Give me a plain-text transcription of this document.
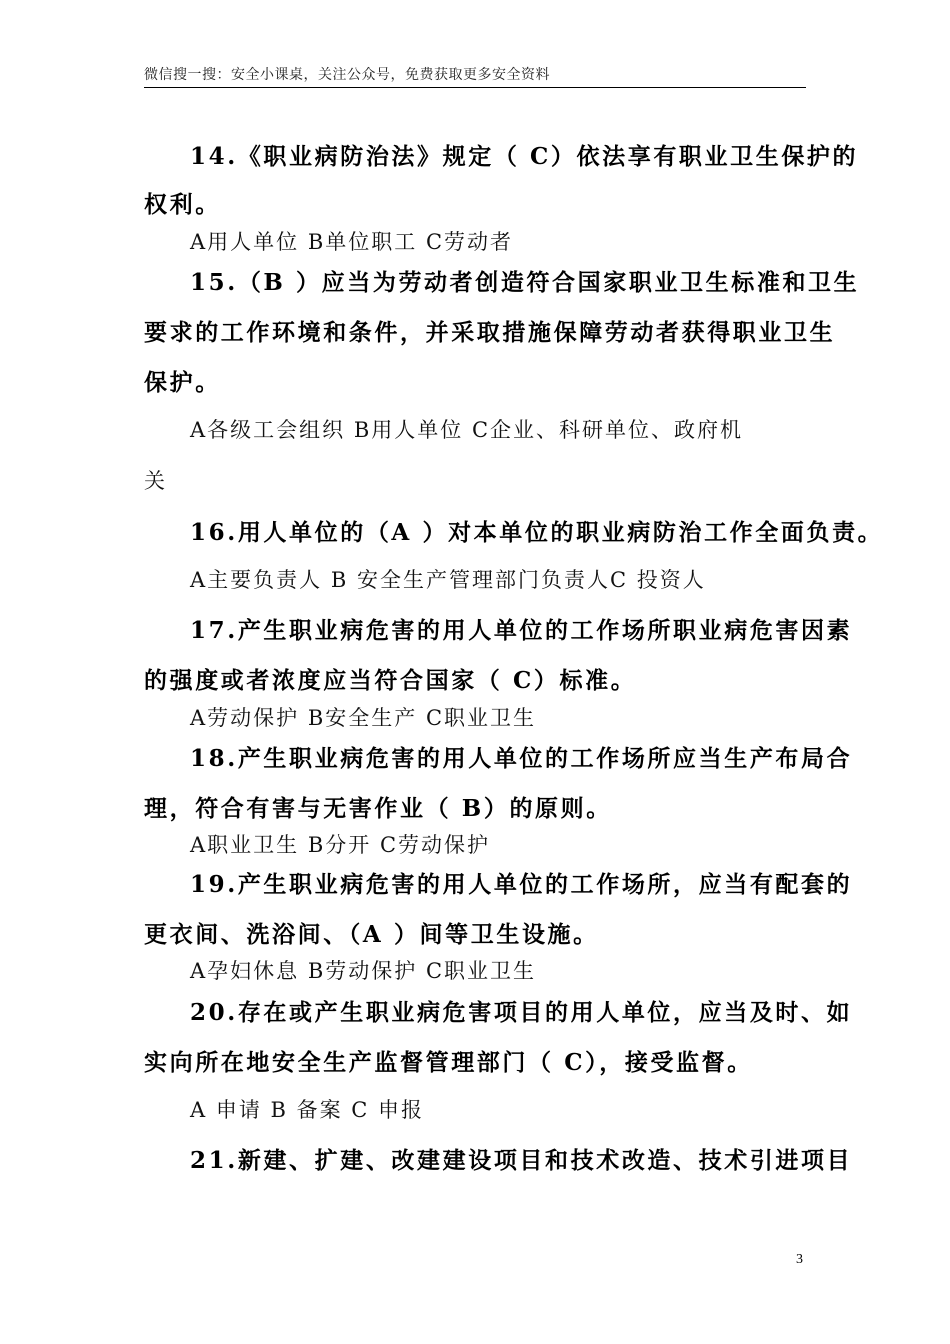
微信搜一搜：安全小课桌，关注公众号，免费获取更多安全资料
14.《职业病防治法》规定（ C）依法享有职业卫生保护的
权利。
A用人单位 B单位职工 C劳动者
15.（B ）应当为劳动者创造符合国家职业卫生标准和卫生
要求的工作环境和条件，并采取措施保障劳动者获得职业卫生
保护。
A各级工会组织 B用人单位 C企业、科研单位、政府机
关
16.用人单位的（A ）对本单位的职业病防治工作全面负责。
A主要负责人 B 安全生产管理部门负责人C 投资人
17.产生职业病危害的用人单位的工作场所职业病危害因素
的强度或者浓度应当符合国家（ C）标准。
A劳动保护 B安全生产 C职业卫生
18.产生职业病危害的用人单位的工作场所应当生产布局合
理，符合有害与无害作业（ B）的原则。
A职业卫生 B分开 C劳动保护
19.产生职业病危害的用人单位的工作场所，应当有配套的
更衣间、洗浴间、（A ）间等卫生设施。
A孕妇休息 B劳动保护 C职业卫生
20.存在或产生职业病危害项目的用人单位，应当及时、如
实向所在地安全生产监督管理部门（ C），接受监督。
A 申请 B 备案 C 申报
21.新建、扩建、改建建设项目和技术改造、技术引进项目
3
